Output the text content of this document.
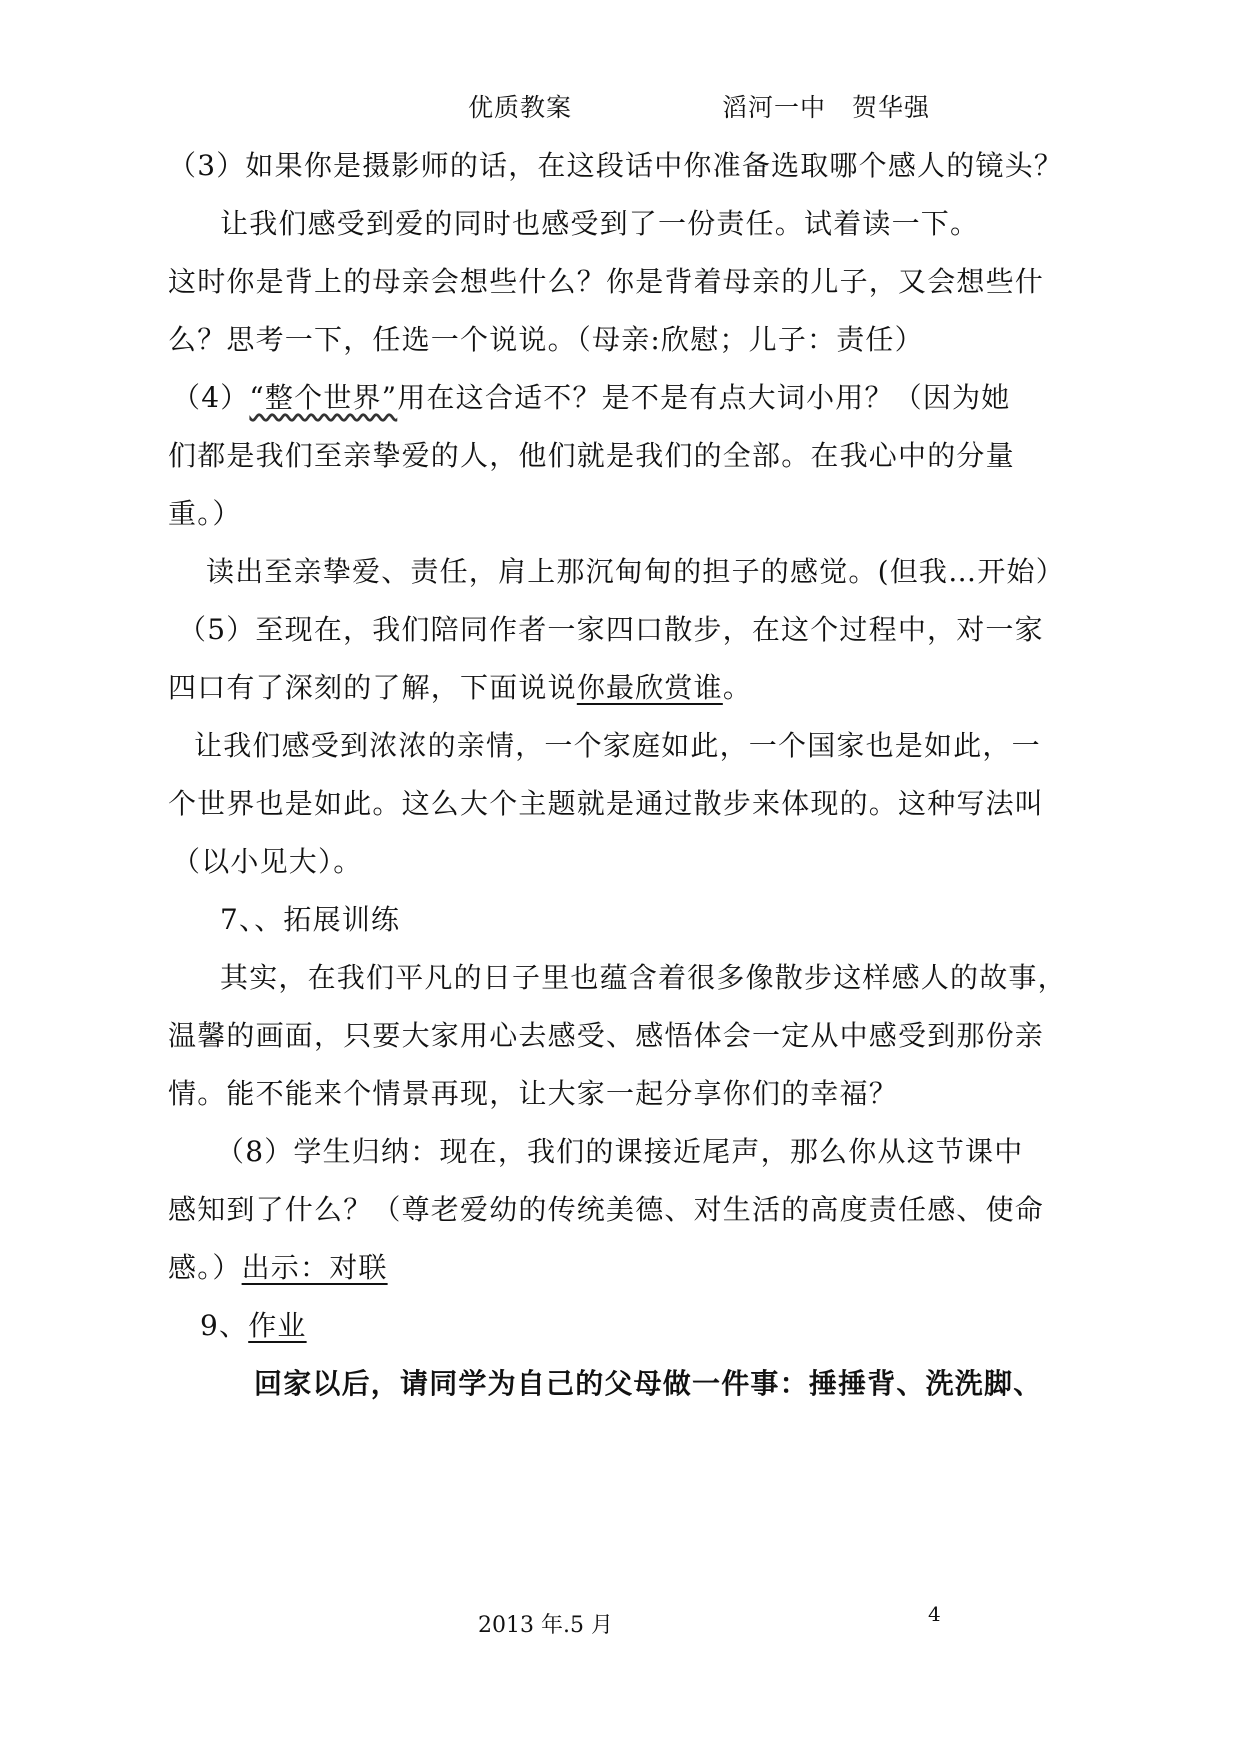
优质教案	滔河一中　贺华强
（3）如果你是摄影师的话，在这段话中你准备选取哪个感人的镜头？
让我们感受到爱的同时也感受到了一份责任。试着读一下。
这时你是背上的母亲会想些什么？你是背着母亲的儿子，又会想些什
么？思考一下，任选一个说说。（母亲:欣慰；儿子：责任）
（4）“整个世界”用在这合适不？是不是有点大词小用？（因为她
们都是我们至亲挚爱的人，他们就是我们的全部。在我心中的分量
重。）
读出至亲挚爱、责任，肩上那沉甸甸的担子的感觉。(但我…开始）
（5）至现在，我们陪同作者一家四口散步，在这个过程中，对一家
四口有了深刻的了解，下面说说你最欣赏谁。
让我们感受到浓浓的亲情，一个家庭如此，一个国家也是如此，一
个世界也是如此。这么大个主题就是通过散步来体现的。这种写法叫
（以小见大）。
7、、拓展训练
其实，在我们平凡的日子里也蕴含着很多像散步这样感人的故事，
温馨的画面，只要大家用心去感受、感悟体会一定从中感受到那份亲
情。能不能来个情景再现，让大家一起分享你们的幸福？
（8）学生归纳：现在，我们的课接近尾声，那么你从这节课中
感知到了什么？（尊老爱幼的传统美德、对生活的高度责任感、使命
感。）出示：对联
9、作业
回家以后，请同学为自己的父母做一件事：捶捶背、洗洗脚、
2013 年.5 月	4
